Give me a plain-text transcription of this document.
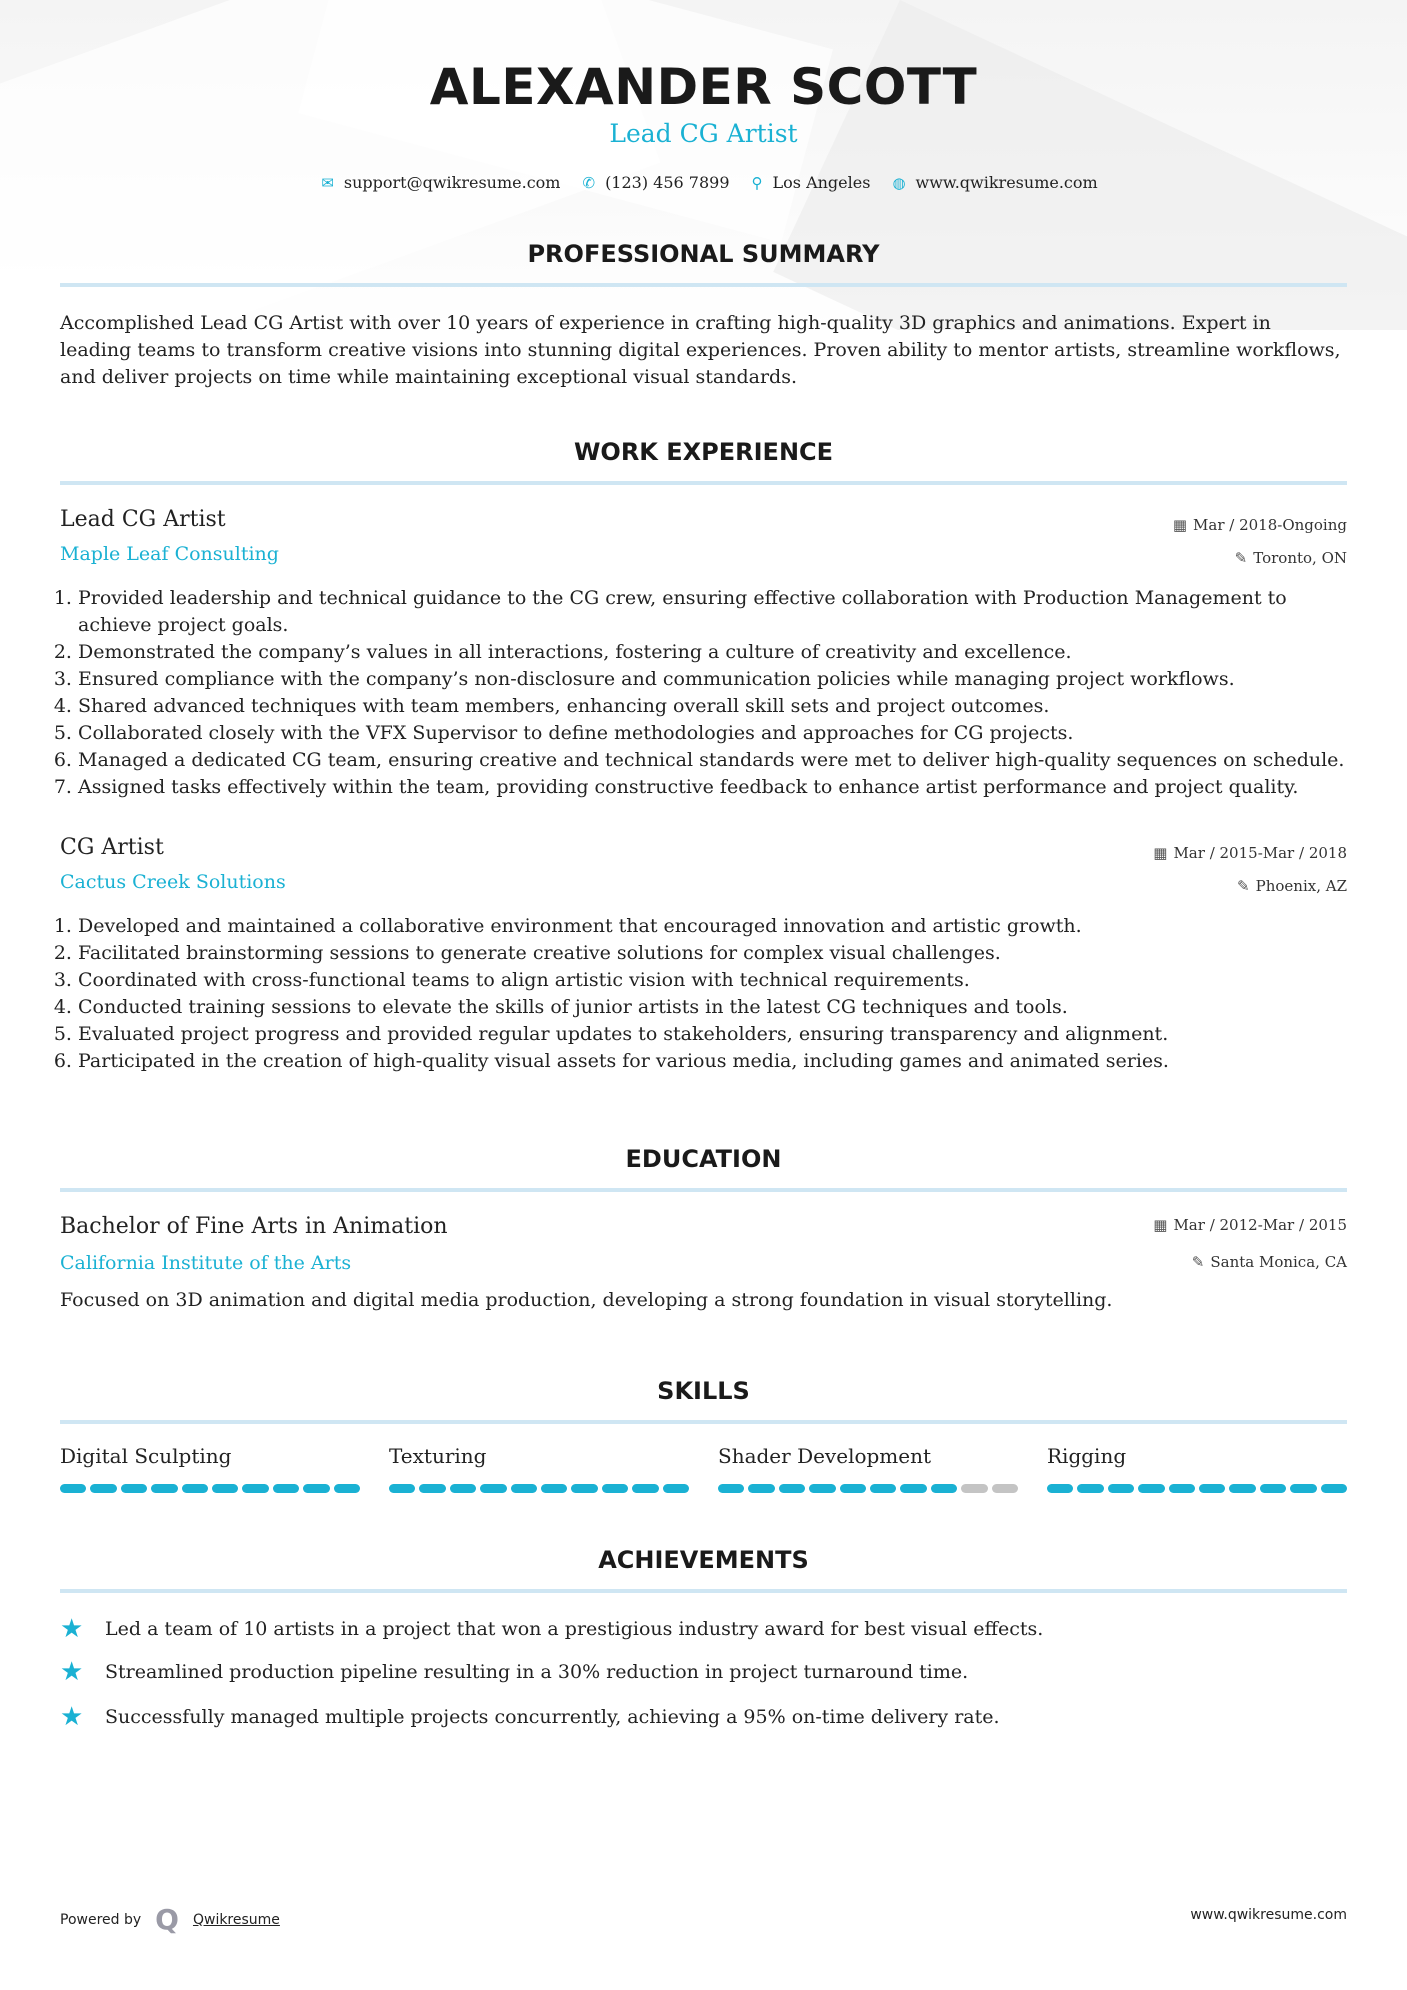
ALEXANDER SCOTT
Lead CG Artist
✉ support@qwikresume.com ✆ (123) 456 7899 ⚲ Los Angeles ◍ www.qwikresume.com
PROFESSIONAL SUMMARY
Accomplished Lead CG Artist with over 10 years of experience in crafting high-quality 3D graphics and animations. Expert in leading teams to transform creative visions into stunning digital experiences. Proven ability to mentor artists, streamline workflows, and deliver projects on time while maintaining exceptional visual standards.
WORK EXPERIENCE
Lead CG Artist
Maple Leaf Consulting
▦ Mar / 2018-Ongoing
✎ Toronto, ON
1. Provided leadership and technical guidance to the CG crew, ensuring effective collaboration with Production Management to achieve project goals.
2. Demonstrated the company’s values in all interactions, fostering a culture of creativity and excellence.
3. Ensured compliance with the company’s non-disclosure and communication policies while managing project workflows.
4. Shared advanced techniques with team members, enhancing overall skill sets and project outcomes.
5. Collaborated closely with the VFX Supervisor to define methodologies and approaches for CG projects.
6. Managed a dedicated CG team, ensuring creative and technical standards were met to deliver high-quality sequences on schedule.
7. Assigned tasks effectively within the team, providing constructive feedback to enhance artist performance and project quality.
CG Artist
Cactus Creek Solutions
▦ Mar / 2015-Mar / 2018
✎ Phoenix, AZ
1. Developed and maintained a collaborative environment that encouraged innovation and artistic growth.
2. Facilitated brainstorming sessions to generate creative solutions for complex visual challenges.
3. Coordinated with cross-functional teams to align artistic vision with technical requirements.
4. Conducted training sessions to elevate the skills of junior artists in the latest CG techniques and tools.
5. Evaluated project progress and provided regular updates to stakeholders, ensuring transparency and alignment.
6. Participated in the creation of high-quality visual assets for various media, including games and animated series.
EDUCATION
Bachelor of Fine Arts in Animation
California Institute of the Arts
▦ Mar / 2012-Mar / 2015
✎ Santa Monica, CA
Focused on 3D animation and digital media production, developing a strong foundation in visual storytelling.
SKILLS
Digital Sculpting	Texturing	Shader Development	Rigging
ACHIEVEMENTS
★	Led a team of 10 artists in a project that won a prestigious industry award for best visual effects.
★	Streamlined production pipeline resulting in a 30% reduction in project turnaround time.
★	Successfully managed multiple projects concurrently, achieving a 95% on-time delivery rate.
Powered by Q Qwikresume	www.qwikresume.com
